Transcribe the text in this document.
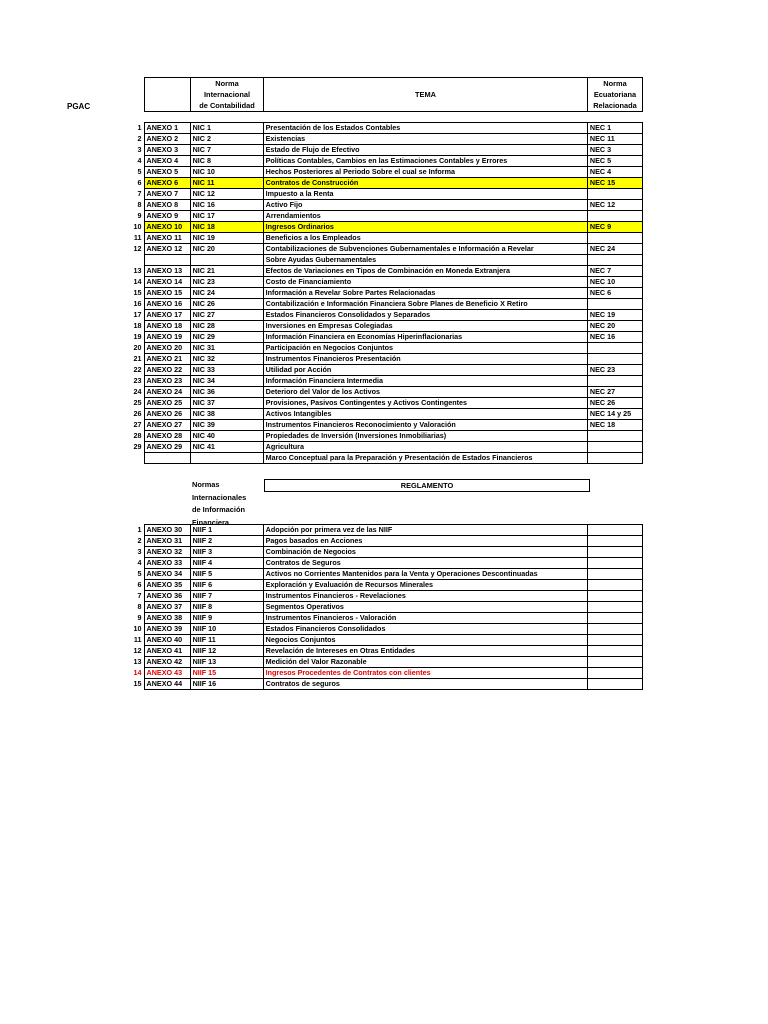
PGAC
Norma
Internacional
de Contabilidad
TEMA
Norma
Ecuatoriana
Relacionada
1	ANEXO 1	NIC 1	Presentación de los Estados Contables	NEC 1
2	ANEXO 2	NIC 2	Existencias	NEC 11
3	ANEXO 3	NIC 7	Estado de Flujo de Efectivo	NEC 3
4	ANEXO 4	NIC 8	Políticas Contables, Cambios en las Estimaciones Contables y Errores	NEC 5
5	ANEXO 5	NIC 10	Hechos Posteriores al Periodo Sobre el cual se Informa	NEC 4
6	ANEXO 6	NIC 11	Contratos de Construcción	NEC 15
7	ANEXO 7	NIC 12	Impuesto a la Renta	
8	ANEXO 8	NIC 16	Activo Fijo	NEC 12
9	ANEXO 9	NIC 17	Arrendamientos	
10	ANEXO 10	NIC 18	Ingresos Ordinarios	NEC 9
11	ANEXO 11	NIC 19	Beneficios a los Empleados	
12	ANEXO 12	NIC 20	Contabilizaciones de Subvenciones Gubernamentales e Información a Revelar	NEC 24
			Sobre Ayudas Gubernamentales	
13	ANEXO 13	NIC 21	Efectos de Variaciones en Tipos de Combinación en Moneda Extranjera	NEC 7
14	ANEXO 14	NIC 23	Costo de Financiamiento	NEC 10
15	ANEXO 15	NIC 24	Información a Revelar Sobre Partes Relacionadas	NEC 6
16	ANEXO 16	NIC 26	Contabilización e Información Financiera Sobre Planes de Beneficio X Retiro	
17	ANEXO 17	NIC 27	Estados Financieros Consolidados y Separados	NEC 19
18	ANEXO 18	NIC 28	Inversiones en Empresas Colegiadas	NEC 20
19	ANEXO 19	NIC 29	Información Financiera en Economías Hiperinflacionarias	NEC 16
20	ANEXO 20	NIC 31	Participación en Negocios Conjuntos	
21	ANEXO 21	NIC 32	Instrumentos Financieros Presentación	
22	ANEXO 22	NIC 33	Utilidad por Acción	NEC 23
23	ANEXO 23	NIC 34	Información Financiera Intermedia	
24	ANEXO 24	NIC 36	Deterioro del Valor de los Activos	NEC 27
25	ANEXO 25	NIC 37	Provisiones, Pasivos Contingentes y Activos Contingentes	NEC 26
26	ANEXO 26	NIC 38	Activos Intangibles	NEC 14 y 25
27	ANEXO 27	NIC 39	Instrumentos Financieros Reconocimiento y Valoración	NEC 18
28	ANEXO 28	NIC 40	Propiedades de Inversión (Inversiones Inmobiliarias)	
29	ANEXO 29	NIC 41	Agricultura	
			Marco Conceptual para la Preparación y Presentación de Estados Financieros	
Normas
Internacionales
de Información
Financiera
REGLAMENTO
1	ANEXO 30	NIIF 1	Adopción por primera vez de las NIIF	
2	ANEXO 31	NIIF 2	Pagos basados en Acciones	
3	ANEXO 32	NIIF 3	Combinación de Negocios	
4	ANEXO 33	NIIF 4	Contratos de Seguros	
5	ANEXO 34	NIIF 5	Activos no Corrientes Mantenidos para la Venta y Operaciones Descontinuadas	
6	ANEXO 35	NIIF 6	Exploración y Evaluación de Recursos Minerales	
7	ANEXO 36	NIIF 7	Instrumentos Financieros - Revelaciones	
8	ANEXO 37	NIIF 8	Segmentos Operativos	
9	ANEXO 38	NIIF 9	Instrumentos Financieros - Valoración	
10	ANEXO 39	NIIF 10	Estados Financieros Consolidados	
11	ANEXO 40	NIIF 11	Negocios Conjuntos	
12	ANEXO 41	NIIF 12	Revelación de Intereses en Otras Entidades	
13	ANEXO 42	NIIF 13	Medición del Valor Razonable	
14	ANEXO 43	NIIF 15	Ingresos Procedentes de Contratos con clientes	
15	ANEXO 44	NIIF 16	Contratos de seguros	
